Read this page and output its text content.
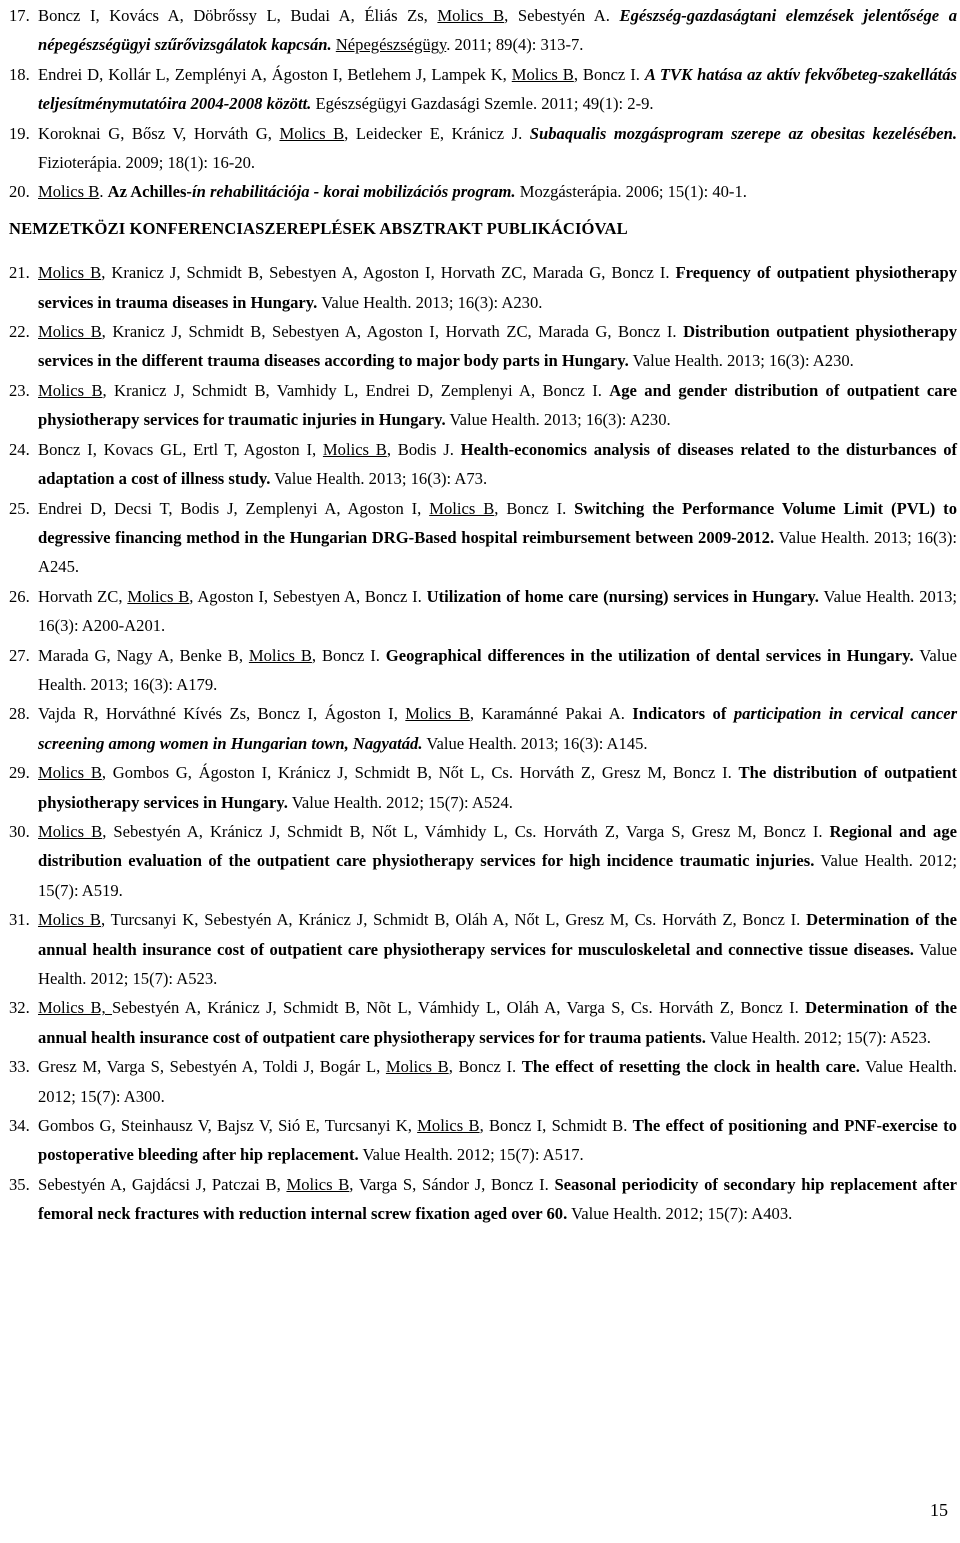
17. Boncz I, Kovács A, Döbrőssy L, Budai A, Éliás Zs, Molics B, Sebestyén A. Egészség-gazdaságtani elemzések jelentősége a népegészségügyi szűrővizsgálatok kapcsán. Népegészségügy. 2011; 89(4): 313-7.
18. Endrei D, Kollár L, Zemplényi A, Ágoston I, Betlehem J, Lampek K, Molics B, Boncz I. A TVK hatása az aktív fekvőbeteg-szakellátás teljesítménymutatóira 2004-2008 között. Egészségügyi Gazdasági Szemle. 2011; 49(1): 2-9.
19. Koroknai G, Bősz V, Horváth G, Molics B, Leidecker E, Kránicz J. Subaqualis mozgásprogram szerepe az obesitas kezelésében. Fizioterápia. 2009; 18(1): 16-20.
20. Molics B. Az Achilles-ín rehabilitációja - korai mobilizációs program. Mozgásterápia. 2006; 15(1): 40-1.
NEMZETKÖZI KONFERENCIASZEREPLÉSEK ABSZTRAKT PUBLIKÁCIÓVAL
21. Molics B, Kranicz J, Schmidt B, Sebestyen A, Agoston I, Horvath ZC, Marada G, Boncz I. Frequency of outpatient physiotherapy services in trauma diseases in Hungary. Value Health. 2013; 16(3): A230.
22. Molics B, Kranicz J, Schmidt B, Sebestyen A, Agoston I, Horvath ZC, Marada G, Boncz I. Distribution outpatient physiotherapy services in the different trauma diseases according to major body parts in Hungary. Value Health. 2013; 16(3): A230.
23. Molics B, Kranicz J, Schmidt B, Vamhidy L, Endrei D, Zemplenyi A, Boncz I. Age and gender distribution of outpatient care physiotherapy services for traumatic injuries in Hungary. Value Health. 2013; 16(3): A230.
24. Boncz I, Kovacs GL, Ertl T, Agoston I, Molics B, Bodis J. Health-economics analysis of diseases related to the disturbances of adaptation a cost of illness study. Value Health. 2013; 16(3): A73.
25. Endrei D, Decsi T, Bodis J, Zemplenyi A, Agoston I, Molics B, Boncz I. Switching the Performance Volume Limit (PVL) to degressive financing method in the Hungarian DRG-Based hospital reimbursement between 2009-2012. Value Health. 2013; 16(3): A245.
26. Horvath ZC, Molics B, Agoston I, Sebestyen A, Boncz I. Utilization of home care (nursing) services in Hungary. Value Health. 2013; 16(3): A200-A201.
27. Marada G, Nagy A, Benke B, Molics B, Boncz I. Geographical differences in the utilization of dental services in Hungary. Value Health. 2013; 16(3): A179.
28. Vajda R, Horváthné Kívés Zs, Boncz I, Ágoston I, Molics B, Karamánné Pakai A. Indicators of participation in cervical cancer screening among women in Hungarian town, Nagyatád. Value Health. 2013; 16(3): A145.
29. Molics B, Gombos G, Ágoston I, Kránicz J, Schmidt B, Nőt L, Cs. Horváth Z, Gresz M, Boncz I. The distribution of outpatient physiotherapy services in Hungary. Value Health. 2012; 15(7): A524.
30. Molics B, Sebestyén A, Kránicz J, Schmidt B, Nőt L, Vámhidy L, Cs. Horváth Z, Varga S, Gresz M, Boncz I. Regional and age distribution evaluation of the outpatient care physiotherapy services for high incidence traumatic injuries. Value Health. 2012; 15(7): A519.
31. Molics B, Turcsanyi K, Sebestyén A, Kránicz J, Schmidt B, Oláh A, Nőt L, Gresz M, Cs. Horváth Z, Boncz I. Determination of the annual health insurance cost of outpatient care physiotherapy services for musculoskeletal and connective tissue diseases. Value Health. 2012; 15(7): A523.
32. Molics B, Sebestyén A, Kránicz J, Schmidt B, Nõt L, Vámhidy L, Oláh A, Varga S, Cs. Horváth Z, Boncz I. Determination of the annual health insurance cost of outpatient care physiotherapy services for for trauma patients. Value Health. 2012; 15(7): A523.
33. Gresz M, Varga S, Sebestyén A, Toldi J, Bogár L, Molics B, Boncz I. The effect of resetting the clock in health care. Value Health. 2012; 15(7): A300.
34. Gombos G, Steinhausz V, Bajsz V, Sió E, Turcsanyi K, Molics B, Boncz I, Schmidt B. The effect of positioning and PNF-exercise to postoperative bleeding after hip replacement. Value Health. 2012; 15(7): A517.
35. Sebestyén A, Gajdácsi J, Patczai B, Molics B, Varga S, Sándor J, Boncz I. Seasonal periodicity of secondary hip replacement after femoral neck fractures with reduction internal screw fixation aged over 60. Value Health. 2012; 15(7): A403.
15
